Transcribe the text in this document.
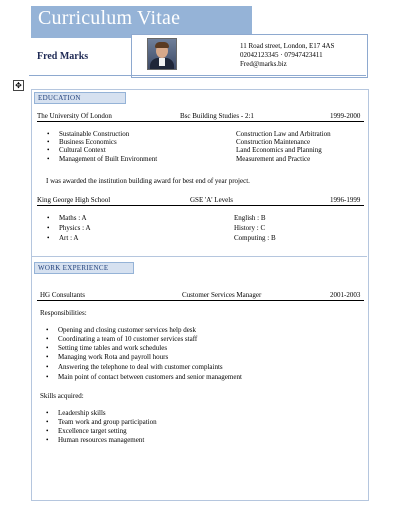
Curriculum Vitae
Fred Marks
11 Road street, London, E17 4AS
02042123345 · 07947423411
Fred@marks.biz
✥
EDUCATION
The University Of London	Bsc Building Studies - 2:1	1999-2000
• Sustainable Construction	Construction Law and Arbitration
• Business Economics	Construction Maintenance
• Cultural Context	Land Economics and Planning
• Management of Built Environment	Measurement and Practice
I was awarded the institution building award for best end of year project.
King George High School	GSE 'A' Levels	1996-1999
• Maths : A	English : B
• Physics : A	History : C
• Art : A	Computing : B
WORK EXPERIENCE
HG Consultants	Customer Services Manager	2001-2003
Responsibilities:
• Opening and closing customer services help desk
• Coordinating a team of 10 customer services staff
• Setting time tables and work schedules
• Managing work Rota and payroll hours
• Answering the telephone to deal with customer complaints
• Main point of contact between customers and senior management
Skills acquired:
• Leadership skills
• Team work and group participation
• Excellence target setting
• Human resources management
